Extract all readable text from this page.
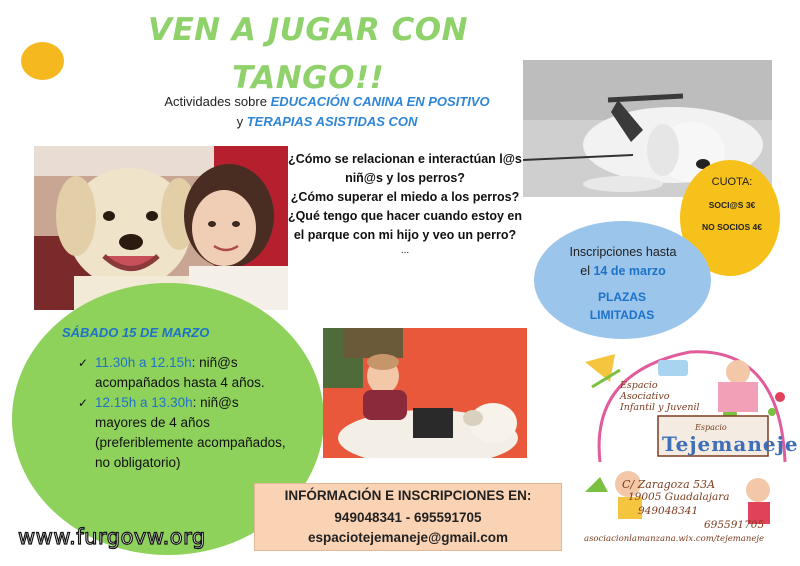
VEN A JUGAR CON
TANGO!!
Actividades sobre EDUCACIÓN CANINA EN POSITIVO y TERAPIAS ASISTIDAS CON
¿Cómo se relacionan e interactúan l@s niñ@s y los perros?
¿Cómo superar el miedo a los perros?
¿Qué tengo que hacer cuando estoy en el parque con mi hijo y veo un perro?
...
CUOTA:
SOCI@S 3€
NO SOCIOS 4€
Inscripciones hasta
el 14 de marzo
PLAZAS LIMITADAS
SÁBADO 15 DE MARZO
✓ 11.30h a 12.15h: niñ@s acompañados hasta 4 años.
✓ 12.15h a 13.30h: niñ@s mayores de 4 años (preferiblemente acompañados, no obligatorio)
INFÓRMACIÓN E INSCRIPCIONES EN:
949048341 - 695591705
espaciotejemaneje@gmail.com
Espacio
Asociativo
Infantil y Juvenil
Espacio
Tejemaneje
C/ Zaragoza 53A
19005 Guadalajara
949048341
695591705
asociacionlamanzana.wix.com/tejemaneje
www.furgovw.org
